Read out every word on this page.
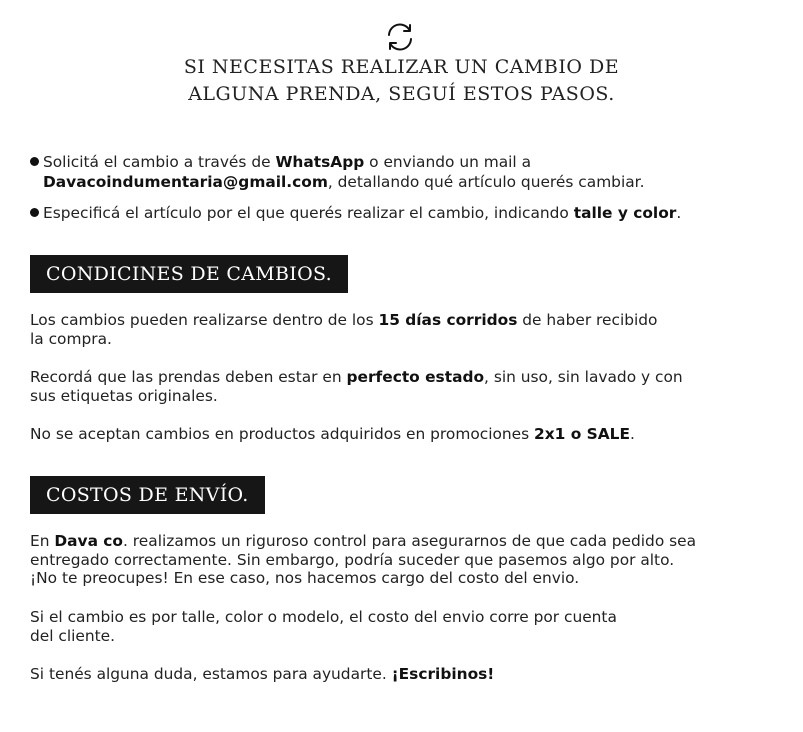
SI NECESITAS REALIZAR UN CAMBIO DE
ALGUNA PRENDA, SEGUÍ ESTOS PASOS.
Solicitá el cambio a través de WhatsApp o enviando un mail a
Davacoindumentaria@gmail.com, detallando qué artículo querés cambiar.
Especificá el artículo por el que querés realizar el cambio, indicando talle y color.
CONDICINES DE CAMBIOS.
Los cambios pueden realizarse dentro de los 15 días corridos de haber recibido
la compra.
Recordá que las prendas deben estar en perfecto estado, sin uso, sin lavado y con
sus etiquetas originales.
No se aceptan cambios en productos adquiridos en promociones 2x1 o SALE.
COSTOS DE ENVÍO.
En Dava co. realizamos un riguroso control para asegurarnos de que cada pedido sea
entregado correctamente. Sin embargo, podría suceder que pasemos algo por alto.
¡No te preocupes! En ese caso, nos hacemos cargo del costo del envio.
Si el cambio es por talle, color o modelo, el costo del envio corre por cuenta
del cliente.
Si tenés alguna duda, estamos para ayudarte. ¡Escribinos!
